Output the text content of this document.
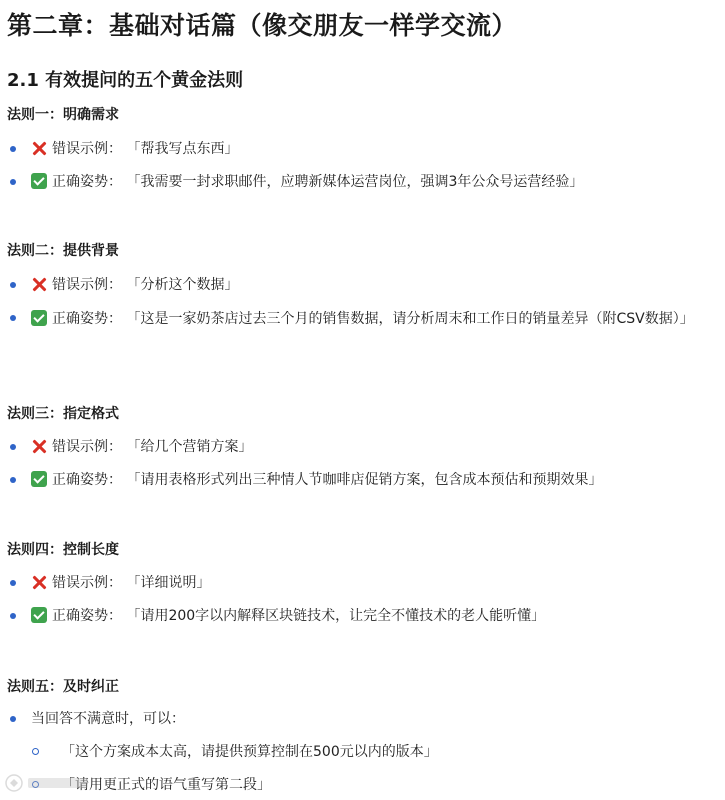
第二章：基础对话篇（像交朋友一样学交流）
2.1 有效提问的五个黄金法则
法则一：明确需求
错误示例： 「帮我写点东西」
正确姿势： 「我需要一封求职邮件，应聘新媒体运营岗位，强调3年公众号运营经验」
法则二：提供背景
错误示例： 「分析这个数据」
正确姿势： 「这是一家奶茶店过去三个月的销售数据，请分析周末和工作日的销量差异（附CSV数据）」
法则三：指定格式
错误示例： 「给几个营销方案」
正确姿势： 「请用表格形式列出三种情人节咖啡店促销方案，包含成本预估和预期效果」
法则四：控制长度
错误示例： 「详细说明」
正确姿势： 「请用200字以内解释区块链技术，让完全不懂技术的老人能听懂」
法则五：及时纠正
当回答不满意时，可以：
「这个方案成本太高，请提供预算控制在500元以内的版本」
「请用更正式的语气重写第二段」
